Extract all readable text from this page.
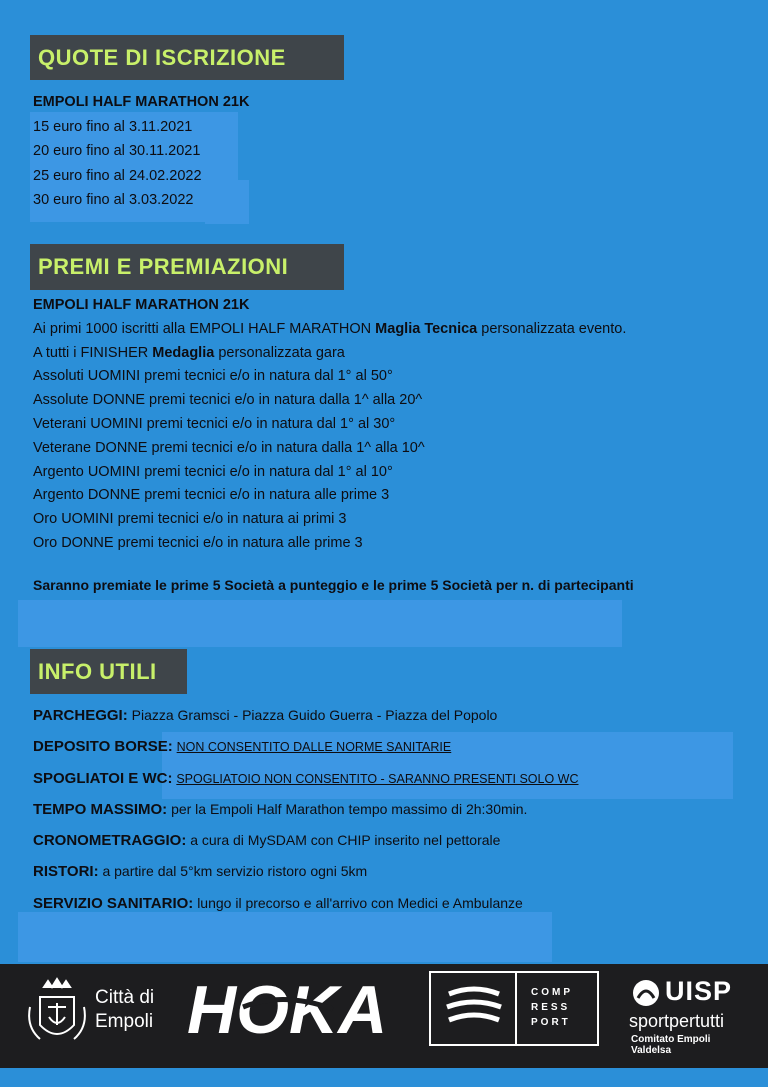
QUOTE DI ISCRIZIONE
EMPOLI HALF MARATHON 21K
15 euro fino al 3.11.2021
20 euro fino al 30.11.2021
25 euro fino al 24.02.2022
30 euro fino al 3.03.2022
PREMI E PREMIAZIONI
EMPOLI HALF MARATHON 21K
Ai primi 1000 iscritti alla EMPOLI HALF MARATHON Maglia Tecnica personalizzata evento.
A tutti i FINISHER Medaglia personalizzata gara
Assoluti UOMINI premi tecnici e/o in natura dal 1° al 50°
Assolute DONNE premi tecnici e/o in natura dalla 1^ alla 20^
Veterani UOMINI premi tecnici e/o in natura dal 1° al 30°
Veterane DONNE premi tecnici e/o in natura dalla 1^ alla 10^
Argento UOMINI premi tecnici e/o in natura dal 1° al 10°
Argento DONNE premi tecnici e/o in natura alle prime 3
Oro UOMINI premi tecnici e/o in natura ai primi 3
Oro DONNE premi tecnici e/o in natura alle prime 3
Saranno premiate le prime 5 Società a punteggio e le prime 5 Società per n. di partecipanti
INFO UTILI
PARCHEGGI: Piazza Gramsci - Piazza Guido Guerra - Piazza del Popolo
DEPOSITO BORSE: NON CONSENTITO DALLE NORME SANITARIE
SPOGLIATOI E WC: SPOGLIATOIO NON CONSENTITO - SARANNO PRESENTI SOLO WC
TEMPO MASSIMO: per la Empoli Half Marathon tempo massimo di 2h:30min.
CRONOMETRAGGIO: a cura di MySDAM con CHIP inserito nel pettorale
RISTORI: a partire dal 5°km servizio ristoro ogni 5km
SERVIZIO SANITARIO: lungo il precorso e all'arrivo con Medici e Ambulanze
Città di
Empoli HOKA	COMP
RESS
PORT
UISP
sportpertutti
Comitato Empoli Valdelsa
